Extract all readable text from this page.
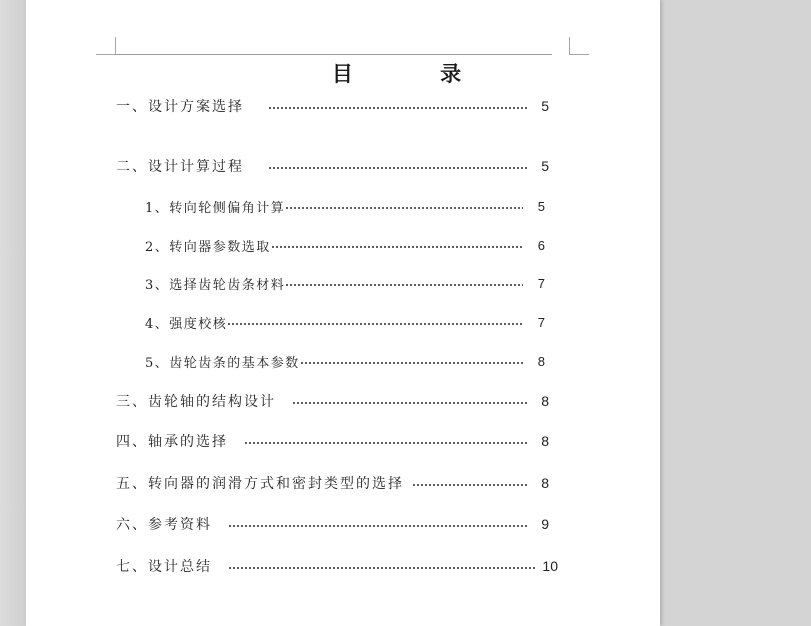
目 录
一、设计方案选择	5
二、设计计算过程	5
1、转向轮侧偏角计算	5
2、转向器参数选取	6
3、选择齿轮齿条材料	7
4、强度校核	7
5、齿轮齿条的基本参数	8
三、齿轮轴的结构设计	8
四、轴承的选择	8
五、转向器的润滑方式和密封类型的选择	8
六、参考资料	9
七、设计总结	10
